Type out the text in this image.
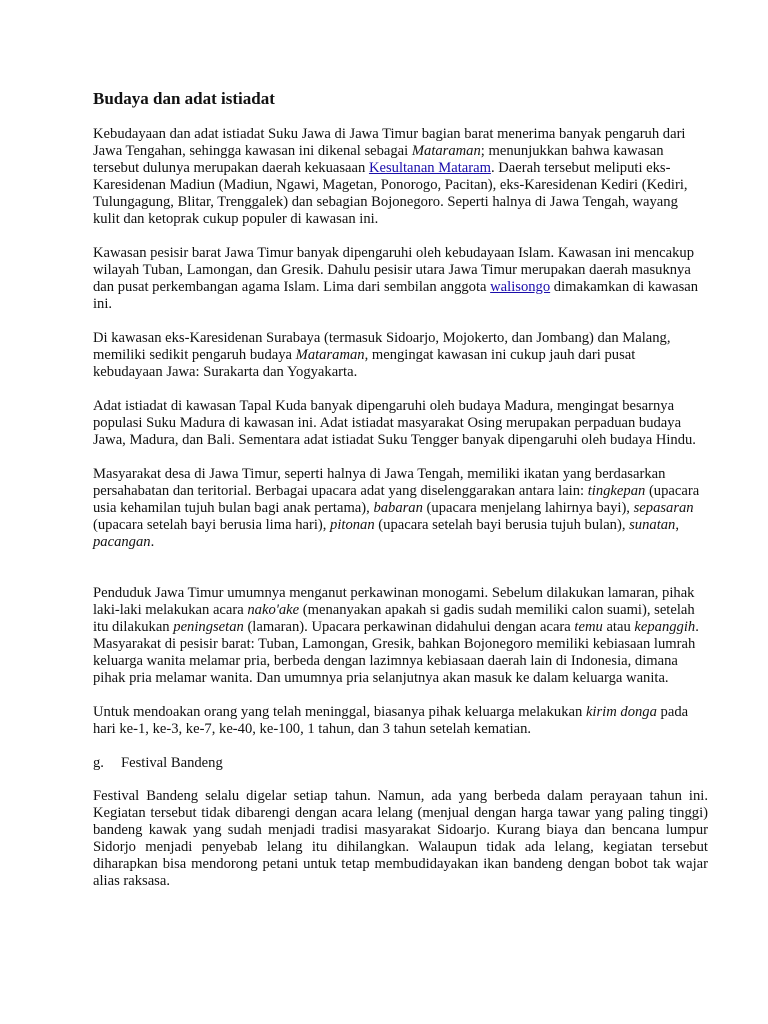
Budaya dan adat istiadat

Kebudayaan dan adat istiadat Suku Jawa di Jawa Timur bagian barat menerima banyak pengaruh dari Jawa Tengahan, sehingga kawasan ini dikenal sebagai Mataraman; menunjukkan bahwa kawasan tersebut dulunya merupakan daerah kekuasaan Kesultanan Mataram. Daerah tersebut meliputi eks-Karesidenan Madiun (Madiun, Ngawi, Magetan, Ponorogo, Pacitan), eks-Karesidenan Kediri (Kediri, Tulungagung, Blitar, Trenggalek) dan sebagian Bojonegoro. Seperti halnya di Jawa Tengah, wayang kulit dan ketoprak cukup populer di kawasan ini.

Kawasan pesisir barat Jawa Timur banyak dipengaruhi oleh kebudayaan Islam. Kawasan ini mencakup wilayah Tuban, Lamongan, dan Gresik. Dahulu pesisir utara Jawa Timur merupakan daerah masuknya dan pusat perkembangan agama Islam. Lima dari sembilan anggota walisongo dimakamkan di kawasan ini.

Di kawasan eks-Karesidenan Surabaya (termasuk Sidoarjo, Mojokerto, dan Jombang) dan Malang, memiliki sedikit pengaruh budaya Mataraman, mengingat kawasan ini cukup jauh dari pusat kebudayaan Jawa: Surakarta dan Yogyakarta.

Adat istiadat di kawasan Tapal Kuda banyak dipengaruhi oleh budaya Madura, mengingat besarnya populasi Suku Madura di kawasan ini. Adat istiadat masyarakat Osing merupakan perpaduan budaya Jawa, Madura, dan Bali. Sementara adat istiadat Suku Tengger banyak dipengaruhi oleh budaya Hindu.

Masyarakat desa di Jawa Timur, seperti halnya di Jawa Tengah, memiliki ikatan yang berdasarkan persahabatan dan teritorial. Berbagai upacara adat yang diselenggarakan antara lain: tingkepan (upacara usia kehamilan tujuh bulan bagi anak pertama), babaran (upacara menjelang lahirnya bayi), sepasaran (upacara setelah bayi berusia lima hari), pitonan (upacara setelah bayi berusia tujuh bulan), sunatan, pacangan.

Penduduk Jawa Timur umumnya menganut perkawinan monogami. Sebelum dilakukan lamaran, pihak laki-laki melakukan acara nako'ake (menanyakan apakah si gadis sudah memiliki calon suami), setelah itu dilakukan peningsetan (lamaran). Upacara perkawinan didahului dengan acara temu atau kepanggih. Masyarakat di pesisir barat: Tuban, Lamongan, Gresik, bahkan Bojonegoro memiliki kebiasaan lumrah keluarga wanita melamar pria, berbeda dengan lazimnya kebiasaan daerah lain di Indonesia, dimana pihak pria melamar wanita. Dan umumnya pria selanjutnya akan masuk ke dalam keluarga wanita.

Untuk mendoakan orang yang telah meninggal, biasanya pihak keluarga melakukan kirim donga pada hari ke-1, ke-3, ke-7, ke-40, ke-100, 1 tahun, dan 3 tahun setelah kematian.

g. Festival Bandeng

Festival Bandeng selalu digelar setiap tahun. Namun, ada yang berbeda dalam perayaan tahun ini. Kegiatan tersebut tidak dibarengi dengan acara lelang (menjual dengan harga tawar yang paling tinggi) bandeng kawak yang sudah menjadi tradisi masyarakat Sidoarjo. Kurang biaya dan bencana lumpur Sidorjo menjadi penyebab lelang itu dihilangkan. Walaupun tidak ada lelang, kegiatan tersebut diharapkan bisa mendorong petani untuk tetap membudidayakan ikan bandeng dengan bobot tak wajar alias raksasa.
